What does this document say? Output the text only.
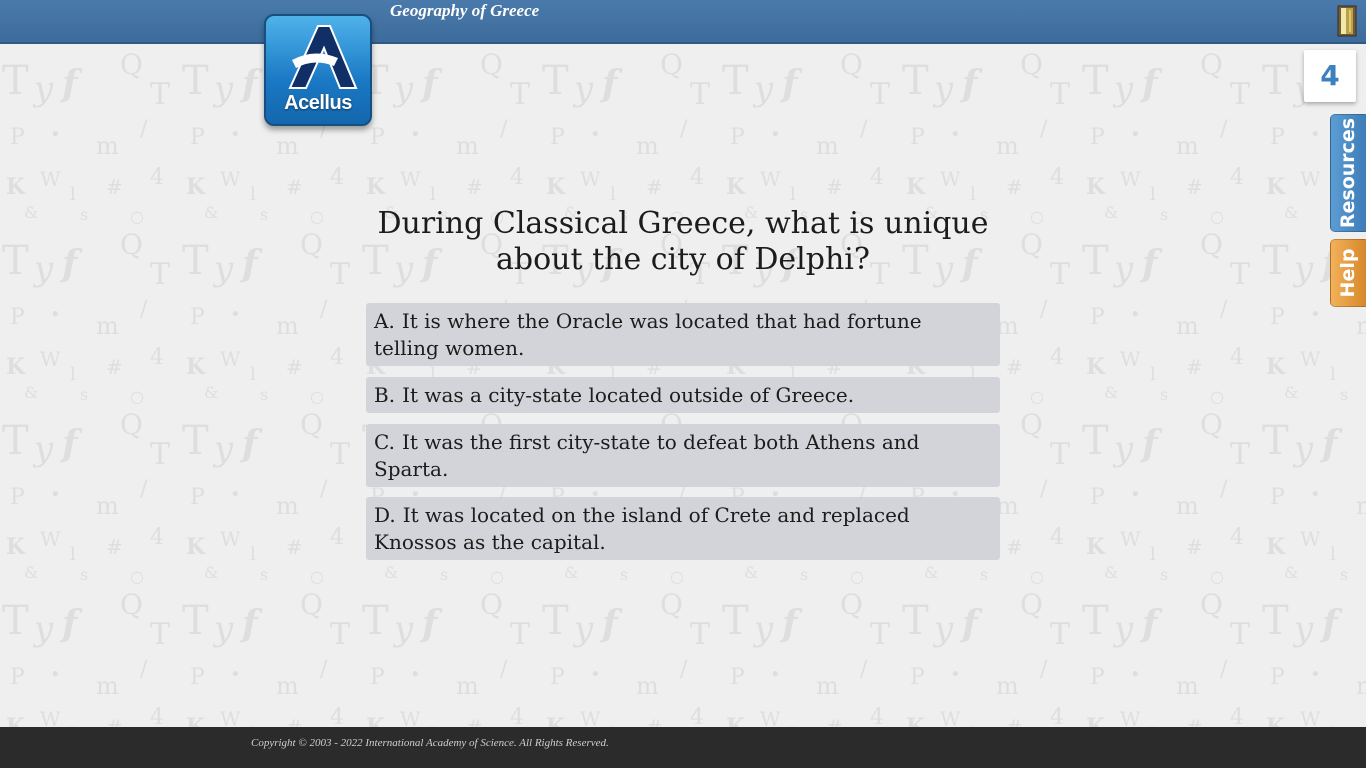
Geography of Greece
Acellus
4
Resources
Help
During Classical Greece, what is unique about the city of Delphi?
A. It is where the Oracle was located that had fortune telling women.
B. It was a city-state located outside of Greece.
C. It was the first city-state to defeat both Athens and Sparta.
D. It was located on the island of Crete and replaced Knossos as the capital.
Copyright © 2003 - 2022 International Academy of Science. All Rights Reserved.
